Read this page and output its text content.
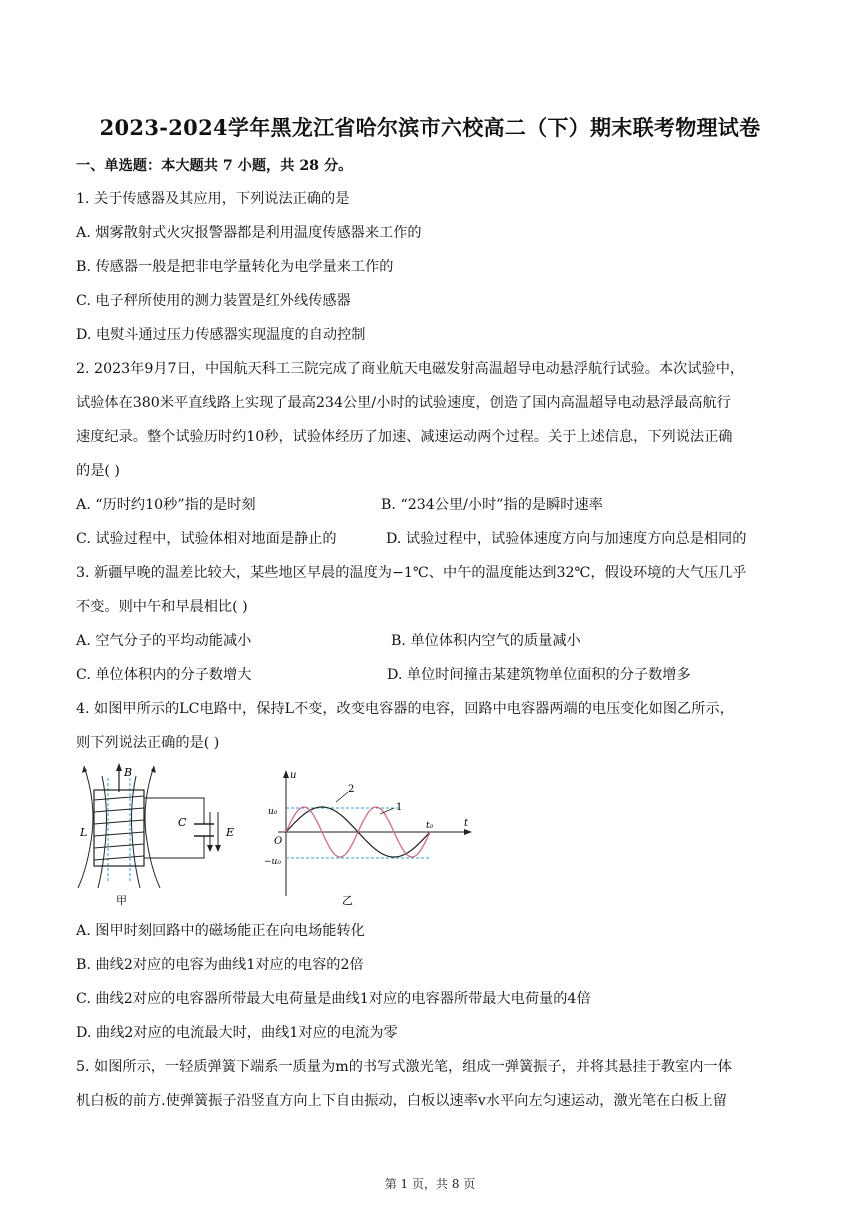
2023-2024学年黑龙江省哈尔滨市六校高二（下）期末联考物理试卷
一、单选题：本大题共 7 小题，共 28 分。
1. 关于传感器及其应用，下列说法正确的是
A. 烟雾散射式火灾报警器都是利用温度传感器来工作的
B. 传感器一般是把非电学量转化为电学量来工作的
C. 电子秤所使用的测力装置是红外线传感器
D. 电熨斗通过压力传感器实现温度的自动控制
2. 2023年9月7日，中国航天科工三院完成了商业航天电磁发射高温超导电动悬浮航行试验。本次试验中，
试验体在380米平直线路上实现了最高234公里/小时的试验速度，创造了国内高温超导电动悬浮最高航行
速度纪录。整个试验历时约10秒，试验体经历了加速、减速运动两个过程。关于上述信息，下列说法正确
的是( )
A. “历时约10秒”指的是时刻	B. “234公里/小时”指的是瞬时速率
C. 试验过程中，试验体相对地面是静止的	D. 试验过程中，试验体速度方向与加速度方向总是相同的
3. 新疆早晚的温差比较大，某些地区早晨的温度为−1℃、中午的温度能达到32℃，假设环境的大气压几乎
不变。则中午和早晨相比( )
A. 空气分子的平均动能减小	B. 单位体积内空气的质量减小
C. 单位体积内的分子数增大	D. 单位时间撞击某建筑物单位面积的分子数增多
4. 如图甲所示的LC电路中，保持L不变，改变电容器的电容，回路中电容器两端的电压变化如图乙所示，
则下列说法正确的是( )
B
L
C
E
甲
u
t
u₀
−u₀
O
t₀
2
1
乙
A. 图甲时刻回路中的磁场能正在向电场能转化
B. 曲线2对应的电容为曲线1对应的电容的2倍
C. 曲线2对应的电容器所带最大电荷量是曲线1对应的电容器所带最大电荷量的4倍
D. 曲线2对应的电流最大时，曲线1对应的电流为零
5. 如图所示，一轻质弹簧下端系一质量为m的书写式激光笔，组成一弹簧振子，并将其悬挂于教室内一体
机白板的前方.使弹簧振子沿竖直方向上下自由振动，白板以速率v水平向左匀速运动，激光笔在白板上留
第 1 页，共 8 页
